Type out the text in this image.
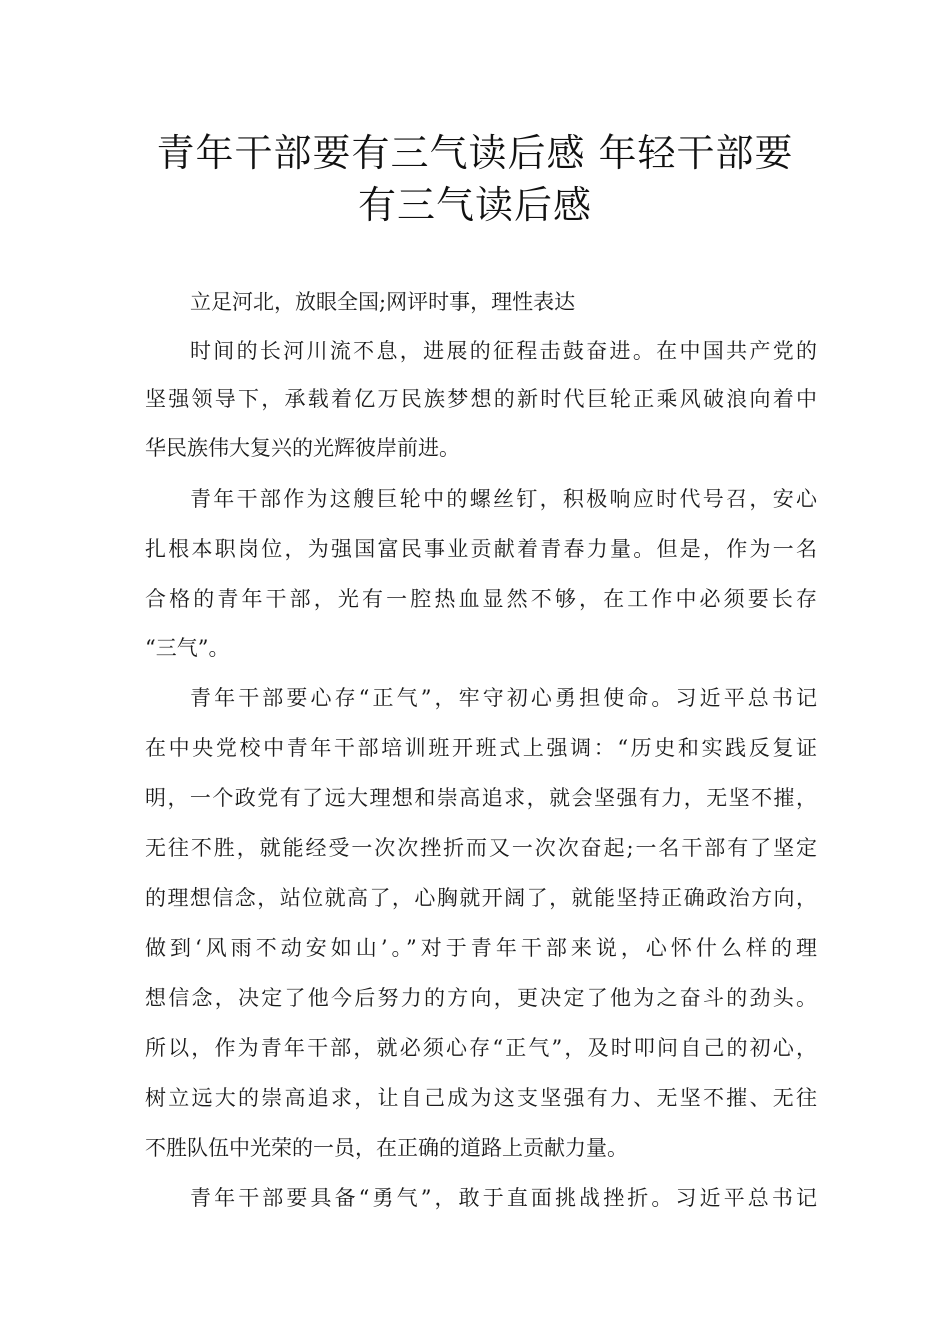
青年干部要有三气读后感 年轻干部要
有三气读后感
立足河北，放眼全国;网评时事，理性表达
时间的长河川流不息，进展的征程击鼓奋进。在中国共产党的
坚强领导下，承载着亿万民族梦想的新时代巨轮正乘风破浪向着中
华民族伟大复兴的光辉彼岸前进。
青年干部作为这艘巨轮中的螺丝钉，积极响应时代号召，安心
扎根本职岗位，为强国富民事业贡献着青春力量。但是，作为一名
合格的青年干部，光有一腔热血显然不够，在工作中必须要长存
“三气”。
青年干部要心存“正气”，牢守初心勇担使命。习近平总书记
在中央党校中青年干部培训班开班式上强调：“历史和实践反复证
明，一个政党有了远大理想和崇高追求，就会坚强有力，无坚不摧，
无往不胜，就能经受一次次挫折而又一次次奋起;一名干部有了坚定
的理想信念，站位就高了，心胸就开阔了，就能坚持正确政治方向，
做到‘风雨不动安如山’。”对于青年干部来说，心怀什么样的理
想信念，决定了他今后努力的方向，更决定了他为之奋斗的劲头。
所以，作为青年干部，就必须心存“正气”，及时叩问自己的初心，
树立远大的崇高追求，让自己成为这支坚强有力、无坚不摧、无往
不胜队伍中光荣的一员，在正确的道路上贡献力量。
青年干部要具备“勇气”，敢于直面挑战挫折。习近平总书记
